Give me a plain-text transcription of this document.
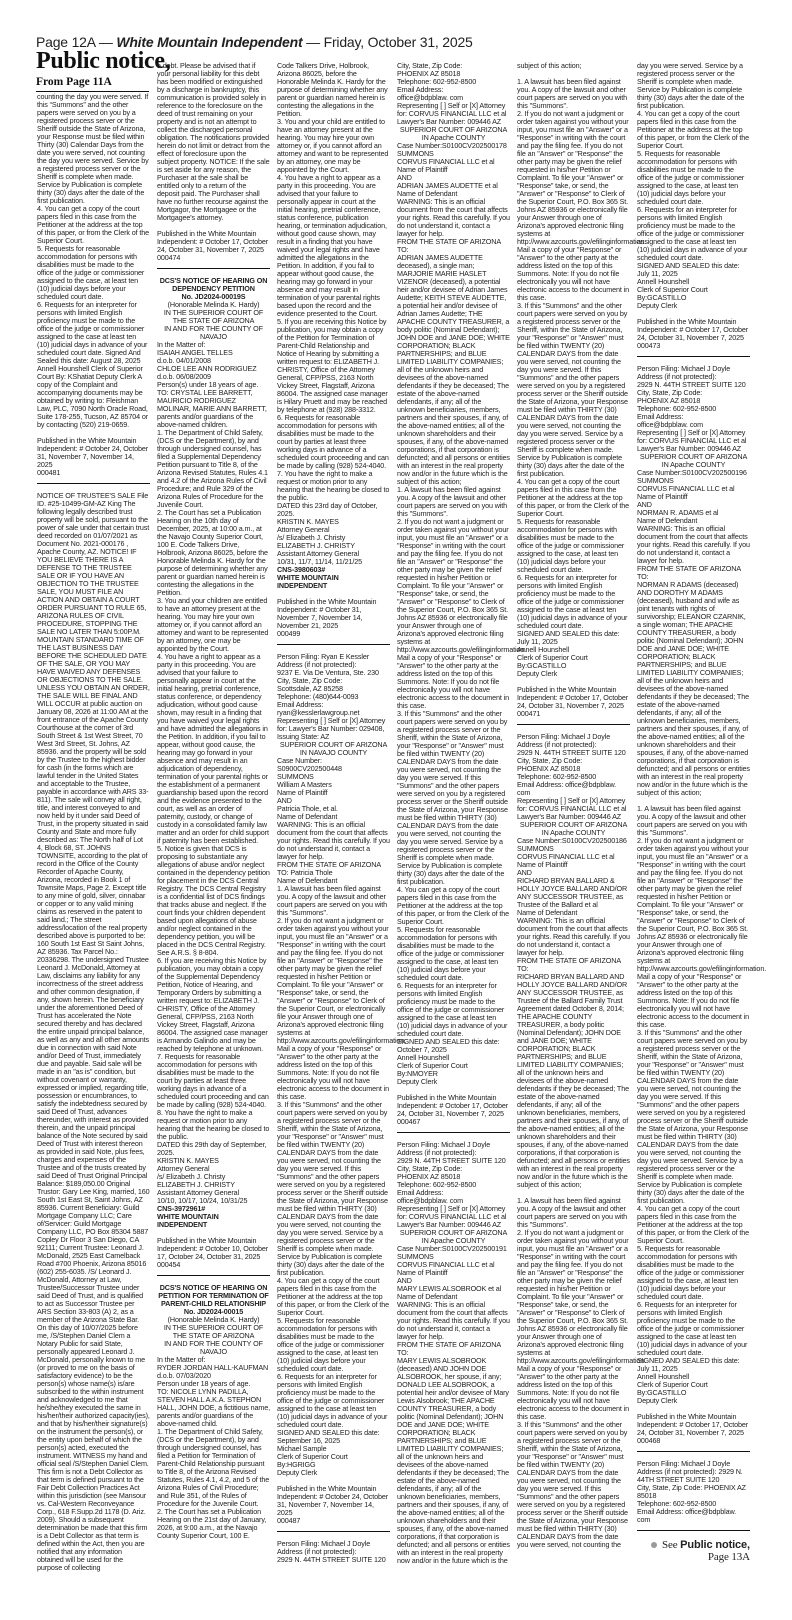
Page 12A — White Mountain Independent — Friday, October 31, 2025
Public notice,
From Page 11A

counting the day you were served. If this “Summons” and the other papers were served on you by a registered process server or the Sheriff outside the State of Arizona, your Response must be filed within Thirty (30) Calendar Days from the date you were served, not counting the day you were served. Service by a registered process server or the Sheriff is complete when made. Service by Publication is complete thirty (30) days after the date of the first publication.
4. You can get a copy of the court papers filed in this case from the Petitioner at the address at the top of this paper, or from the Clerk of the Superior Court.
5. Requests for reasonable accommodation for persons with disabilities must be made to the office of the judge or commissioner assigned to the case, at least ten (10) judicial days before your scheduled court date.
6. Requests for an interpreter for persons with limited English proficiency must be made to the office of the judge or commissioner assigned to the case at least ten (10) judicial days in advance of your scheduled court date. Signed And Sealed this date: August 28, 2025 Annell Hounshell Clerk of Superior Court By: KShatiat Deputy Clerk A copy of the Complaint and accompanying documents may be obtained by writing to: Fleishman Law, PLC, 7090 North Oracle Road, Suite 178-255, Tucson, AZ 85704 or by contacting (520) 219-0659.

Published in the White Mountain Independent: # October 24, October 31, November 7, November 14, 2025
000481

NOTICE OF TRUSTEE'S SALE File ID. #25-10499-GM-AZ King The following legally described trust property will be sold, pursuant to the power of sale under that certain trust deed recorded on 01/07/2021 as Document No. 2021-000176 , Apache County, AZ. NOTICE! IF YOU BELIEVE THERE IS A DEFENSE TO THE TRUSTEE SALE OR IF YOU HAVE AN OBJECTION TO THE TRUSTEE SALE, YOU MUST FILE AN ACTION AND OBTAIN A COURT ORDER PURSUANT TO RULE 65, ARIZONA RULES OF CIVIL PROCEDURE, STOPPING THE SALE NO LATER THAN 5:00P.M. MOUNTAIN STANDARD TIME OF THE LAST BUSINESS DAY BEFORE THE SCHEDULED DATE OF THE SALE, OR YOU MAY HAVE WAIVED ANY DEFENSES OR OBJECTIONS TO THE SALE. UNLESS YOU OBTAIN AN ORDER, THE SALE WILL BE FINAL AND WILL OCCUR at public auction on January 08, 2026 at 11:00 AM at the front entrance of the Apache County Courthouse at the corner of 3rd South Street & 1st West Street, 70 West 3rd Street, St. Johns, AZ 85936. and the property will be sold by the Trustee to the highest bidder for cash (in the forms which are lawful tender in the United States and acceptable to the Trustee, payable in accordance with ARS 33-811). The sale will convey all right, title, and interest conveyed to and now held by it under said Deed of Trust, in the property situated in said County and State and more fully described as: The North half of Lot 4, Block 68, ST. JOHNS TOWNSITE, according to the plat of record in the Office of the County Recorder of Apache County, Arizona, recorded in Book 1 of Townsite Maps, Page 2. Except title to any mine of gold, silver, cinnabar or copper or to any valid mining claims as reserved in the patent to said land.; The street address/location of the real property described above is purported to be: 160 South 1st East St Saint Johns, AZ 85936. Tax Parcel No.: 20336298. The undersigned Trustee Leonard J. McDonald, Attorney at Law, disclaims any liability for any incorrectness of the street address and other common designation, if any, shown herein. The beneficiary under the aforementioned Deed of Trust has accelerated the Note secured thereby and has declared the entire unpaid principal balance, as well as any and all other amounts due in connection with said Note and/or Deed of Trust, immediately due and payable. Said sale will be made in an "as is" condition, but without covenant or warranty, expressed or implied, regarding title, possession or encumbrances, to satisfy the indebtedness secured by said Deed of Trust, advances thereunder, with interest as provided therein, and the unpaid principal balance of the Note secured by said Deed of Trust with interest thereon as provided in said Note, plus fees, charges and expenses of the Trustee and of the trusts created by said Deed of Trust Original Principal Balance: $189,050.00 Original Trustor: Gary Lee King, married, 160 South 1st East St, Saint Johns, AZ 85936. Current Beneficiary: Guild Mortgage Company LLC; Care of/Servicer: Guild Mortgage Company LLC, PO Box 85304 5887 Copley Dr Floor 3 San Diego, CA 92111; Current Trustee: Leonard J. McDonald, 2525 East Camelback Road #700 Phoenix, Arizona 85016 (602) 255-6035. /S/ Leonard J. McDonald, Attorney at Law, Trustee/Successor Trustee under said Deed of Trust, and is qualified to act as Successor Trustee per ARS Section 33-803 (A) 2, as a member of the Arizona State Bar. On this day of 10/07/2025 before me, /S/Stephen Daniel Clem a Notary Public for said State, personally appeared Leonard J. McDonald, personally known to me (or proved to me on the basis of satisfactory evidence) to be the person(s) whose name(s) is/are subscribed to the within instrument and acknowledged to me that he/she/they executed the same in his/her/their authorized capacity(ies), and that by his/her/their signature(s) on the instrument the person(s), or the entity upon behalf of which the person(s) acted, executed the instrument. WITNESS my hand and official seal /S/Stephen Daniel Clem. This firm is not a Debt Collector as that term is defined pursuant to the Fair Debt Collection Practices Act within this jurisdiction (see Mansour vs. Cal-Western Reconveyance Corp., 618 F.Supp.2d 1178 (D. Ariz. 2009). Should a subsequent determination be made that this firm is a Debt Collector as that term is defined within the Act, then you are notified that any information obtained will be used for the purpose of collecting

a debt. Please be advised that if your personal liability for this debt has been modified or extinguished by a discharge in bankruptcy, this communication is provided solely in reference to the foreclosure on the deed of trust remaining on your property and is not an attempt to collect the discharged personal obligation. The notifications provided herein do not limit or detract from the effect of foreclosure upon the subject property. NOTICE: If the sale is set aside for any reason, the Purchaser at the sale shall be entitled only to a return of the deposit paid. The Purchaser shall have no further recourse against the Mortgagor, the Mortgagee or the Mortgagee's attorney.

Published in the White Mountain Independent: # October 17, October 24, October 31, November 7, 2025
000474

DCS'S NOTICE OF HEARING ON DEPENDENCY PETITION
No. JD2024-00019S

(Honorable Melinda K. Hardy)
IN THE SUPERIOR COURT OF THE STATE OF ARIZONA
IN AND FOR THE COUNTY OF NAVAJO

In the Matter of:
ISAIAH ANGEL TELLES
d.o.b. 04/01/2008
CHLOE LEE ANN RODRIGUEZ
d.o.b. 06/08/2009
Person(s) under 18 years of age.
TO: CRYSTAL LEE BARRETT, MAURICIO RODRIGUEZ MOLINAR, MARIE ANN BARRETT, parents and/or guardians of the above-named children.
1. The Department of Child Safety, (DCS or the Department), by and through undersigned counsel, has filed a Supplemental Dependency Petition pursuant to Title 8, of the Arizona Revised Statutes, Rules 4.1 and 4.2 of the Arizona Rules of Civil Procedure; and Rule 329 of the Arizona Rules of Procedure for the Juvenile Court.
2. The Court has set a Publication Hearing on the 10th day of December, 2025, at 10:00 a.m., at the Navajo County Superior Court, 100 E. Code Talkers Drive, Holbrook, Arizona 86025, before the Honorable Melinda K. Hardy for the purpose of determining whether any parent or guardian named herein is contesting the allegations in the Petition.
3. You and your children are entitled to have an attorney present at the hearing. You may hire your own attorney or, if you cannot afford an attorney and want to be represented by an attorney, one may be appointed by the Court.
4. You have a right to appear as a party in this proceeding. You are advised that your failure to personally appear in court at the initial hearing, pretrial conference, status conference, or dependency adjudication, without good cause shown, may result in a finding that you have waived your legal rights and have admitted the allegations in the Petition. In addition, if you fail to appear, without good cause, the hearing may go forward in your absence and may result in an adjudication of dependency, termination of your parental rights or the establishment of a permanent guardianship based upon the record and the evidence presented to the court, as well as an order of paternity, custody, or change of custody in a consolidated family law matter and an order for child support if paternity has been established.
5. Notice is given that DCS is proposing to substantiate any allegations of abuse and/or neglect contained in the dependency petition for placement in the DCS Central Registry. The DCS Central Registry is a confidential list of DCS findings that tracks abuse and neglect. If the court finds your children dependent based upon allegations of abuse and/or neglect contained in the dependency petition, you will be placed in the DCS Central Registry. See A.R.S. § 8-804.
6. If you are receiving this Notice by publication, you may obtain a copy of the Supplemental Dependency Petition, Notice of Hearing, and Temporary Orders by submitting a written request to: ELIZABETH J. CHRISTY, Office of the Attorney General, CFP/PSS, 2163 North Vickey Street, Flagstaff, Arizona 86004. The assigned case manager is Armando Galindo and may be reached by telephone at unknown.
7. Requests for reasonable accommodation for persons with disabilities must be made to the court by parties at least three working days in advance of a scheduled court proceeding and can be made by calling (928) 524-4040.
8. You have the right to make a request or motion prior to any hearing that the hearing be closed to the public.
DATED this 29th day of September, 2025.
KRISTIN K. MAYES
Attorney General
/s/ Elizabeth J. Christy
ELIZABETH J. CHRISTY
Assistant Attorney General
10/10, 10/17, 10/24, 10/31/25

CNS-3972961#
WHITE MOUNTAIN INDEPENDENT

Published in the White Mountain Independent: # October 10, October 17, October 24, October 31, 2025
000454

DCS'S NOTICE OF HEARING ON PETITION FOR TERMINATION OF PARENT-CHILD RELATIONSHIP
No. JD2024-00015

(Honorable Melinda K. Hardy)
IN THE SUPERIOR COURT OF THE STATE OF ARIZONA
IN AND FOR THE COUNTY OF NAVAJO

In the Matter of:
RYDER JORDAN HALL-KAUFMAN
d.o.b. 07/03/2020
Person under 18 years of age.
TO: NICOLE LYNN PADILLA, STEVEN HALL A.K.A. STEPHON HALL, JOHN DOE, a fictitious name, parents and/or guardians of the above-named child.
1. The Department of Child Safety, (DCS or the Department), by and through undersigned counsel, has filed a Petition for Termination of Parent-Child Relationship pursuant to Title 8, of the Arizona Revised Statutes, Rules 4.1, 4.2, and 5 of the Arizona Rules of Civil Procedure; and Rule 351, of the Rules of Procedure for the Juvenile Court.
2. The Court has set a Publication Hearing on the 21st day of January, 2026, at 9:00 a.m., at the Navajo County Superior Court, 100 E.

Code Talkers Drive, Holbrook, Arizona 86025, before the Honorable Melinda K. Hardy for the purpose of determining whether any parent or guardian named herein is contesting the allegations in the Petition.
3. You and your child are entitled to have an attorney present at the hearing. You may hire your own attorney or, if you cannot afford an attorney and want to be represented by an attorney, one may be appointed by the Court.
4. You have a right to appear as a party in this proceeding. You are advised that your failure to personally appear in court at the initial hearing, pretrial conference, status conference, publication hearing, or termination adjudication, without good cause shown, may result in a finding that you have waived your legal rights and have admitted the allegations in the Petition. In addition, if you fail to appear without good cause, the hearing may go forward in your absence and may result in termination of your parental rights based upon the record and the evidence presented to the Court.
5. If you are receiving this Notice by publication, you may obtain a copy of the Petition for Termination of Parent-Child Relationship and Notice of Hearing by submitting a written request to: ELIZABETH J. CHRISTY, Office of the Attorney General, CFP/PSS, 2163 North Vickey Street, Flagstaff, Arizona 86004. The assigned case manager is Hilary Pruett and may be reached by telephone at (928) 288-3312.
6. Requests for reasonable accommodation for persons with disabilities must be made to the court by parties at least three working days in advance of a scheduled court proceeding and can be made by calling (928) 524-4040.
7. You have the right to make a request or motion prior to any hearing that the hearing be closed to the public.
DATED this 23rd day of October, 2025.
KRISTIN K. MAYES
Attorney General
/s/ Elizabeth J. Christy
ELIZABETH J. CHRISTY
Assistant Attorney General
10/31, 11/7, 11/14, 11/21/25

CNS-3980603#
WHITE MOUNTAIN INDEPENDENT

Published in the White Mountain Independent: # October 31, November 7, November 14, November 21, 2025
000499

Person Filing: Ryan E Kessler
Address (if not protected):
9237 E. Via De Ventura, Ste. 230
City, State, Zip Code:
Scottsdale, AZ 85258
Telephone: (480)644-0093
Email Address:
ryan@kesslerlawgroup.net Representing [ ] Self or [X] Attorney for: Lawyer's Bar Number: 029408, Issuing State: AZ

SUPERIOR COURT OF ARIZONA
IN NAVAJO COUNTY

Case Number:
S0900CV202500448
SUMMONS
William A Masters
Name of Plaintiff
AND
Patricia Thole, et al.
Name of Defendant
WARNING: This is an official document from the court that affects your rights. Read this carefully. If you do not understand it, contact a lawyer for help.
FROM THE STATE OF ARIZONA
TO: Patricia Thole
Name of Defendant
1. A lawsuit has been filed against you. A copy of the lawsuit and other court papers are served on you with this "Summons".
2. If you do not want a judgment or order taken against you without your input, you must file an "Answer" or a "Response" in writing with the court and pay the filing fee. If you do not file an "Answer" or "Response" the other party may be given the relief requested in his/her Petition or Complaint. To file your "Answer" or "Response" take, or send, the "Answer" or "Response" to Clerk of the Superior Court, or electronically file your Answer through one of Arizona's approved electronic filing systems at http://www.azcourts.gov/efilinginformation. Mail a copy of your "Response" or "Answer" to the other party at the address listed on the top of this Summons. Note: If you do not file electronically you will not have electronic access to the document in this case.
3. If this "Summons" and the other court papers were served on you by a registered process server or the Sheriff, within the State of Arizona, your "Response" or "Answer" must be filed within TWENTY (20) CALENDAR DAYS from the date you were served, not counting the day you were served. If this "Summons" and the other papers were served on you by a registered process server or the Sheriff outside the State of Arizona, your Response must be filed within THIRTY (30) CALENDAR DAYS from the date you were served, not counting the day you were served. Service by a registered process server or the Sheriff is complete when made. Service by Publication is complete thirty (30) days after the date of the first publication.
4. You can get a copy of the court papers filed in this case from the Petitioner at the address at the top of this paper, or from the Clerk of the Superior Court.
5. Requests for reasonable accommodation for persons with disabilities must be made to the office of the judge or commissioner assigned to the case, at least ten (10) judicial days before your scheduled court date.
6. Requests for an interpreter for persons with limited English proficiency must be made to the office of the judge or commissioner assigned to the case at least ten (10) judicial days in advance of your scheduled court date.
SIGNED AND SEALED this date: September 16, 2025
Michael Sample
Clerk of Superior Court
By:HGRIGG
Deputy Clerk

Published in the White Mountain Independent: # October 24, October 31, November 7, November 14, 2025
000487

Person Filing: Michael J Doyle
Address (if not protected):
2929 N. 44TH STREET SUITE 120

City, State, Zip Code:
PHOENIX AZ 85018
Telephone: 602-952-8500
Email Address:
office@bdpblaw. com
Representing [ ] Self or [X] Attorney for: CORVUS FINANCIAL LLC et al Lawyer's Bar Number: 009446 AZ

SUPERIOR COURT OF ARIZONA
IN Apache COUNTY

Case Number:S0100CV202500178
SUMMONS
CORVUS FINANCIAL LLC et al
Name of Plaintiff
AND
ADRIAN JAMES AUDETTE et al
Name of Defendant
WARNING: This is an official document from the court that affects your rights. Read this carefully. If you do not understand it, contact a lawyer for help.
FROM THE STATE OF ARIZONA
TO:
ADRIAN JAMES AUDETTE deceased), a single man; MARJORIE MARIE HASLET VIZENOR (deceased), a potential heir and/or devisee of Adrian James Audette; KEITH STEVE AUDETTE, a potential heir and/or devisee of Adrian James Audette; THE APACHE COUNTY TREASURER, a body politic (Nominal Defendant); JOHN DOE and JANE DOE; WHITE CORPORATION; BLACK PARTNERSHIPS; and BLUE LIMITED LIABILITY COMPANIES; all of the unknown heirs and devisees of the above-named defendants if they be deceased; The estate of the above-named defendants, if any; all of the unknown beneficiaries, members, partners and their spouses, if any, of the above-named entities; all of the unknown shareholders and their spouses, if any, of the above-named corporations, if that corporation is defuncted; and all persons or entities with an interest in the real property now and/or in the future which is the subject of this action;
1. A lawsuit has been filed against you. A copy of the lawsuit and other court papers are served on you with this "Summons".
2. If you do not want a judgment or order taken against you without your input, you must file an "Answer" or a "Response" in writing with the court and pay the filing fee. If you do not file an "Answer" or "Response" the other party may be given the relief requested in his/her Petition or Complaint. To file your "Answer" or "Response" take, or send, the "Answer" or "Response" to Clerk of the Superior Court, P.O. Box 365 St. Johns AZ 85936 or electronically file your Answer through one of Arizona's approved electronic filing systems at http://www.azcourts.gov/efilinginformation. Mail a copy of your "Response" or "Answer" to the other party at the address listed on the top of this Summons. Note: If you do not file electronically you will not have electronic access to the document in this case.
3. If this "Summons" and the other court papers were served on you by a registered process server or the Sheriff, within the State of Arizona, your "Response" or "Answer" must be filed within TWENTY (20) CALENDAR DAYS from the date you were served, not counting the day you were served. If this "Summons" and the other papers were served on you by a registered process server or the Sheriff outside the State of Arizona, your Response must be filed within THIRTY (30) CALENDAR DAYS from the date you were served, not counting the day you were served. Service by a registered process server or the Sheriff is complete when made. Service by Publication is complete thirty (30) days after the date of the first publication.
4. You can get a copy of the court papers filed in this case from the Petitioner at the address at the top of this paper, or from the Clerk of the Superior Court.
5. Requests for reasonable accommodation for persons with disabilities must be made to the office of the judge or commissioner assigned to the case, at least ten (10) judicial days before your scheduled court date.
6. Requests for an interpreter for persons with limited English proficiency must be made to the office of the judge or commissioner assigned to the case at least ten (10) judicial days in advance of your scheduled court date.
SIGNED AND SEALED this date: October 7, 2025
Annell Hounshell
Clerk of Superior Court
By:NMOYER
Deputy Clerk

Published in the White Mountain Independent: # October 17, October 24, October 31, November 7, 2025
000467

Person Filing: Michael J Doyle
Address (if not protected):
2929 N. 44TH STREET SUITE 120
City, State, Zip Code:
PHOENIX AZ 85018
Telephone: 602-952-8500
Email Address:
office@bdpblaw. com
Representing [ ] Self or [X] Attorney for: CORVUS FINANCIAL LLC et al Lawyer's Bar Number: 009446 AZ

SUPERIOR COURT OF ARIZONA
IN Apache COUNTY

Case Number:S0100CV202500191
SUMMONS
CORVUS FINANCIAL LLC et al
Name of Plaintiff
AND
MARY LEWIS ALSOBROOK et al
Name of Defendant
WARNING: This is an official document from the court that affects your rights. Read this carefully. If you do not understand it, contact a lawyer for help.
FROM THE STATE OF ARIZONA
TO:
MARY LEWIS ALSOBROOK (deceased) AND JOHN DOE ALSOBROOK, her spouse, if any; DONALD LEE ALSOBROOK, a potential heir and/or devisee of Mary Lewis Alsobrook; THE APACHE COUNTY TREASURER, a body politic (Nominal Defendant); JOHN DOE and JANE DOE; WHITE CORPORATION; BLACK PARTNERSHIPS; and BLUE LIMITED LIABILITY COMPANIES; all of the unknown heirs and devisees of the above-named defendants if they be deceased; The estate of the above-named defendants, if any; all of the unknown beneficiaries, members, partners and their spouses, if any, of the above-named entities; all of the unknown shareholders and their spouses, if any, of the above-named corporations, if that corporation is defuncted; and all persons or entities with an interest in the real property now and/or in the future which is the

subject of this action;

1. A lawsuit has been filed against you. A copy of the lawsuit and other court papers are served on you with this "Summons".
2. If you do not want a judgment or order taken against you without your input, you must file an "Answer" or a "Response" in writing with the court and pay the filing fee. If you do not file an "Answer" or "Response" the other party may be given the relief requested in his/her Petition or Complaint. To file your "Answer" or "Response" take, or send, the "Answer" or "Response" to Clerk of the Superior Court, P.O. Box 365 St. Johns AZ 85936 or electronically file your Answer through one of Arizona's approved electronic filing systems at http://www.azcourts.gov/efilinginformation. Mail a copy of your "Response" or "Answer" to the other party at the address listed on the top of this Summons. Note: If you do not file electronically you will not have electronic access to the document in this case.
3. If this "Summons" and the other court papers were served on you by a registered process server or the Sheriff, within the State of Arizona, your "Response" or "Answer" must be filed within TWENTY (20) CALENDAR DAYS from the date you were served, not counting the day you were served. If this "Summons" and the other papers were served on you by a registered process server or the Sheriff outside the State of Arizona, your Response must be filed within THIRTY (30) CALENDAR DAYS from the date you were served, not counting the day you were served. Service by a registered process server or the Sheriff is complete when made. Service by Publication is complete thirty (30) days after the date of the first publication.
4. You can get a copy of the court papers filed in this case from the Petitioner at the address at the top of this paper, or from the Clerk of the Superior Court.
5. Requests for reasonable accommodation for persons with disabilities must be made to the office of the judge or commissioner assigned to the case, at least ten (10) judicial days before your scheduled court date.
6. Requests for an interpreter for persons with limited English proficiency must be made to the office of the judge or commissioner assigned to the case at least ten (10) judicial days in advance of your scheduled court date.
SIGNED AND SEALED this date: July 11, 2025
Annell Hounshell
Clerk of Superior Court
By:GCASTILLO
Deputy Clerk

Published in the White Mountain Independent: # October 17, October 24, October 31, November 7, 2025
000471

Person Filing: Michael J Doyle
Address (if not protected):
2929 N. 44TH STREET SUITE 120
City, State, Zip Code:
PHOENIX AZ 85018
Telephone: 602-952-8500
Email Address: office@bdpblaw. com
Representing [ ] Self or [X] Attorney for: CORVUS FINANCIAL LLC et al Lawyer's Bar Number: 009446 AZ

SUPERIOR COURT OF ARIZONA
IN Apache COUNTY

Case Number:S0100CV202500186
SUMMONS
CORVUS FINANCIAL LLC et al
Name of Plaintiff
AND
RICHARD BRYAN BALLARD & HOLLY JOYCE BALLARD AND/OR ANY SUCCESSOR TRUSTEE, as Trustee of the Ballard et al
Name of Defendant
WARNING: This is an official document from the court that affects your rights. Read this carefully. If you do not understand it, contact a lawyer for help.
FROM THE STATE OF ARIZONA
TO:
RICHARD BRYAN BALLARD AND HOLLY JOYCE BALLARD AND/OR ANY SUCCESSOR TRUSTEE, as Trustee of the Ballard Family Trust Agreement dated October 8, 2014; THE APACHE COUNTY TREASURER, a body politic (Nominal Defendant); JOHN DOE and JANE DOE; WHITE CORPORATION; BLACK PARTNERSHIPS; and BLUE LIMITED LIABILITY COMPANIES; all of the unknown heirs and devisees of the above-named defendants if they be deceased; The estate of the above-named defendants, if any; all of the unknown beneficiaries, members, partners and their spouses, if any, of the above-named entities; all of the unknown shareholders and their spouses, if any, of the above-named corporations, if that corporation is defuncted; and all persons or entities with an interest in the real property now and/or in the future which is the subject of this action;

1. A lawsuit has been filed against you. A copy of the lawsuit and other court papers are served on you with this "Summons".
2. If you do not want a judgment or order taken against you without your input, you must file an "Answer" or a "Response" in writing with the court and pay the filing fee. If you do not file an "Answer" or "Response" the other party may be given the relief requested in his/her Petition or Complaint. To file your "Answer" or "Response" take, or send, the "Answer" or "Response" to Clerk of the Superior Court, P.O. Box 365 St. Johns AZ 85936 or electronically file your Answer through one of Arizona's approved electronic filing systems at http://www.azcourts.gov/efilinginformation. Mail a copy of your "Response" or "Answer" to the other party at the address listed on the top of this Summons. Note: If you do not file electronically you will not have electronic access to the document in this case.
3. If this "Summons" and the other court papers were served on you by a registered process server or the Sheriff, within the State of Arizona, your "Response" or "Answer" must be filed within TWENTY (20) CALENDAR DAYS from the date you were served, not counting the day you were served. If this "Summons" and the other papers were served on you by a registered process server or the Sheriff outside the State of Arizona, your Response must be filed within THIRTY (30) CALENDAR DAYS from the date you were served, not counting the

day you were served. Service by a registered process server or the Sheriff is complete when made. Service by Publication is complete thirty (30) days after the date of the first publication.
4. You can get a copy of the court papers filed in this case from the Petitioner at the address at the top of this paper, or from the Clerk of the Superior Court.
5. Requests for reasonable accommodation for persons with disabilities must be made to the office of the judge or commissioner assigned to the case, at least ten (10) judicial days before your scheduled court date.
6. Requests for an interpreter for persons with limited English proficiency must be made to the office of the judge or commissioner assigned to the case at least ten (10) judicial days in advance of your scheduled court date.
SIGNED AND SEALED this date: July 11, 2025
Annell Hounshell
Clerk of Superior Court
By:GCASTILLO
Deputy Clerk

Published in the White Mountain Independent: # October 17, October 24, October 31, November 7, 2025
000473

Person Filing: Michael J Doyle
Address (if not protected):
2929 N. 44TH STREET SUITE 120
City, State, Zip Code:
PHOENIX AZ 85018
Telephone: 602-952-8500
Email Address:
office@bdpblaw. com
Representing [ ] Self or [X] Attorney for: CORVUS FINANCIAL LLC et al Lawyer's Bar Number: 009446 AZ

SUPERIOR COURT OF ARIZONA
IN Apache COUNTY

Case Number:S0100CV202500196
SUMMONS
CORVUS FINANCIAL LLC et al
Name of Plaintiff
AND
NORMAN R. ADAMS et al
Name of Defendant
WARNING: This is an official document from the court that affects your rights. Read this carefully. If you do not understand it, contact a lawyer for help.
FROM THE STATE OF ARIZONA
TO:
NORMAN R ADAMS (deceased) AND DOROTHY M ADAMS (deceased), husband and wife as joint tenants with rights of survivorship; ELEANOR CZARNIK, a single woman; THE APACHE COUNTY TREASURER, a body politic (Nominal Defendant); JOHN DOE and JANE DOE; WHITE CORPORATION; BLACK PARTNERSHIPS; and BLUE LIMITED LIABILITY COMPANIES; all of the unknown heirs and devisees of the above-named defendants if they be deceased; The estate of the above-named defendants, if any; all of the unknown beneficiaries, members, partners and their spouses, if any, of the above-named entities; all of the unknown shareholders and their spouses, if any, of the above-named corporations, if that corporation is defuncted; and all persons or entities with an interest in the real property now and/or in the future which is the subject of this action;

1. A lawsuit has been filed against you. A copy of the lawsuit and other court papers are served on you with this "Summons".
2. If you do not want a judgment or order taken against you without your input, you must file an "Answer" or a "Response" in writing with the court and pay the filing fee. If you do not file an "Answer" or "Response" the other party may be given the relief requested in his/her Petition or Complaint. To file your "Answer" or "Response" take, or send, the "Answer" or "Response" to Clerk of the Superior Court, P.O. Box 365 St. Johns AZ 85936 or electronically file your Answer through one of Arizona's approved electronic filing systems at http://www.azcourts.gov/efilinginformation. Mail a copy of your "Response" or "Answer" to the other party at the address listed on the top of this Summons. Note: If you do not file electronically you will not have electronic access to the document in this case.
3. If this "Summons" and the other court papers were served on you by a registered process server or the Sheriff, within the State of Arizona, your "Response" or "Answer" must be filed within TWENTY (20) CALENDAR DAYS from the date you were served, not counting the day you were served. If this "Summons" and the other papers were served on you by a registered process server or the Sheriff outside the State of Arizona, your Response must be filed within THIRTY (30) CALENDAR DAYS from the date you were served, not counting the day you were served. Service by a registered process server or the Sheriff is complete when made. Service by Publication is complete thirty (30) days after the date of the first publication.
4. You can get a copy of the court papers filed in this case from the Petitioner at the address at the top of this paper, or from the Clerk of the Superior Court.
5. Requests for reasonable accommodation for persons with disabilities must be made to the office of the judge or commissioner assigned to the case, at least ten (10) judicial days before your scheduled court date.
6. Requests for an interpreter for persons with limited English proficiency must be made to the office of the judge or commissioner assigned to the case at least ten (10) judicial days in advance of your scheduled court date.
SIGNED AND SEALED this date: July 11, 2025
Annell Hounshell
Clerk of Superior Court
By:GCASTILLO
Deputy Clerk

Published in the White Mountain Independent: # October 17, October 24, October 31, November 7, 2025
000468

Person Filing: Michael J Doyle
Address (if not protected): 2929 N. 44TH STREET SUITE 120
City, State, Zip Code: PHOENIX AZ 85018
Telephone: 602-952-8500
Email Address: office@bdpblaw. com

See Public notice,
Page 13A
